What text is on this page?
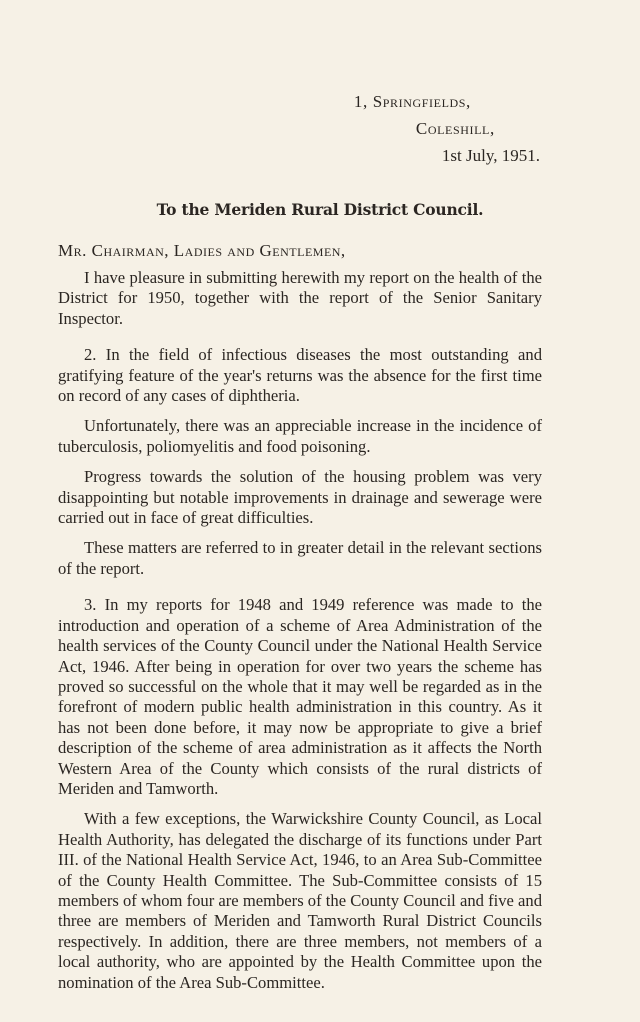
1, Springfields,
Coleshill,
1st July, 1951.
To the Meriden Rural District Council.
Mr. Chairman, Ladies and Gentlemen,

I have pleasure in submitting herewith my report on the health of the District for 1950, together with the report of the Senior Sanitary Inspector.

2. In the field of infectious diseases the most outstanding and gratifying feature of the year's returns was the absence for the first time on record of any cases of diphtheria.

Unfortunately, there was an appreciable increase in the incidence of tuberculosis, poliomyelitis and food poisoning.

Progress towards the solution of the housing problem was very disappointing but notable improvements in drainage and sewerage were carried out in face of great difficulties.

These matters are referred to in greater detail in the relevant sections of the report.

3. In my reports for 1948 and 1949 reference was made to the introduction and operation of a scheme of Area Administration of the health services of the County Council under the National Health Service Act, 1946. After being in operation for over two years the scheme has proved so successful on the whole that it may well be regarded as in the forefront of modern public health administration in this country. As it has not been done before, it may now be appropriate to give a brief description of the scheme of area administration as it affects the North Western Area of the County which consists of the rural districts of Meriden and Tamworth.

With a few exceptions, the Warwickshire County Council, as Local Health Authority, has delegated the discharge of its functions under Part III. of the National Health Service Act, 1946, to an Area Sub-Committee of the County Health Committee. The Sub-Committee consists of 15 members of whom four are members of the County Council and five and three are members of Meriden and Tamworth Rural District Councils respectively. In addition, there are three members, not members of a local authority, who are appointed by the Health Committee upon the nomination of the Area Sub-Committee.
